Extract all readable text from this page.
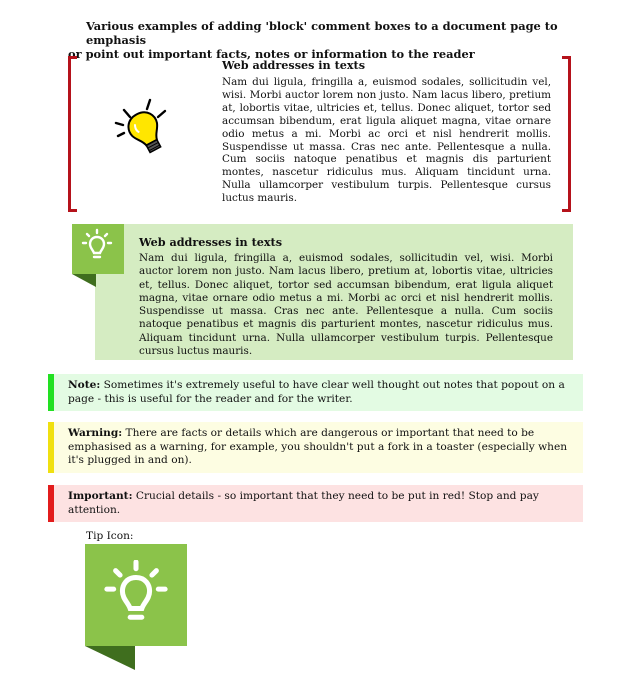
Various examples of adding 'block' comment boxes to a document page to emphasis
or point out important facts, notes or information to the reader
Web addresses in texts
Nam dui ligula, fringilla a, euismod sodales, sollicitudin vel, wisi. Morbi auctor lorem non justo. Nam lacus libero, pretium at, lobortis vitae, ultricies et, tellus. Donec aliquet, tortor sed accumsan bibendum, erat ligula aliquet magna, vitae ornare odio metus a mi. Morbi ac orci et nisl hendrerit mollis. Suspendisse ut massa. Cras nec ante. Pellentesque a nulla. Cum sociis natoque penatibus et magnis dis parturient montes, nascetur ridiculus mus. Aliquam tincidunt urna. Nulla ullamcorper vestibulum turpis. Pellentesque cursus luctus mauris.
Web addresses in texts
Nam dui ligula, fringilla a, euismod sodales, sollicitudin vel, wisi. Morbi auctor lorem non justo. Nam lacus libero, pretium at, lobortis vitae, ultricies et, tellus. Donec aliquet, tortor sed accumsan bibendum, erat ligula aliquet magna, vitae ornare odio metus a mi. Morbi ac orci et nisl hendrerit mollis. Suspendisse ut massa. Cras nec ante. Pellentesque a nulla. Cum sociis natoque penatibus et magnis dis parturient montes, nascetur ridiculus mus. Aliquam tincidunt urna. Nulla ullamcorper vestibulum turpis. Pellentesque cursus luctus mauris.
Note: Sometimes it's extremely useful to have clear well thought out notes that popout on a page - this is useful for the reader and for the writer.
Warning: There are facts or details which are dangerous or important that need to be emphasised as a warning, for example, you shouldn't put a fork in a toaster (especially when it's plugged in and on).
Important: Crucial details - so important that they need to be put in red! Stop and pay attention.
Tip Icon:
